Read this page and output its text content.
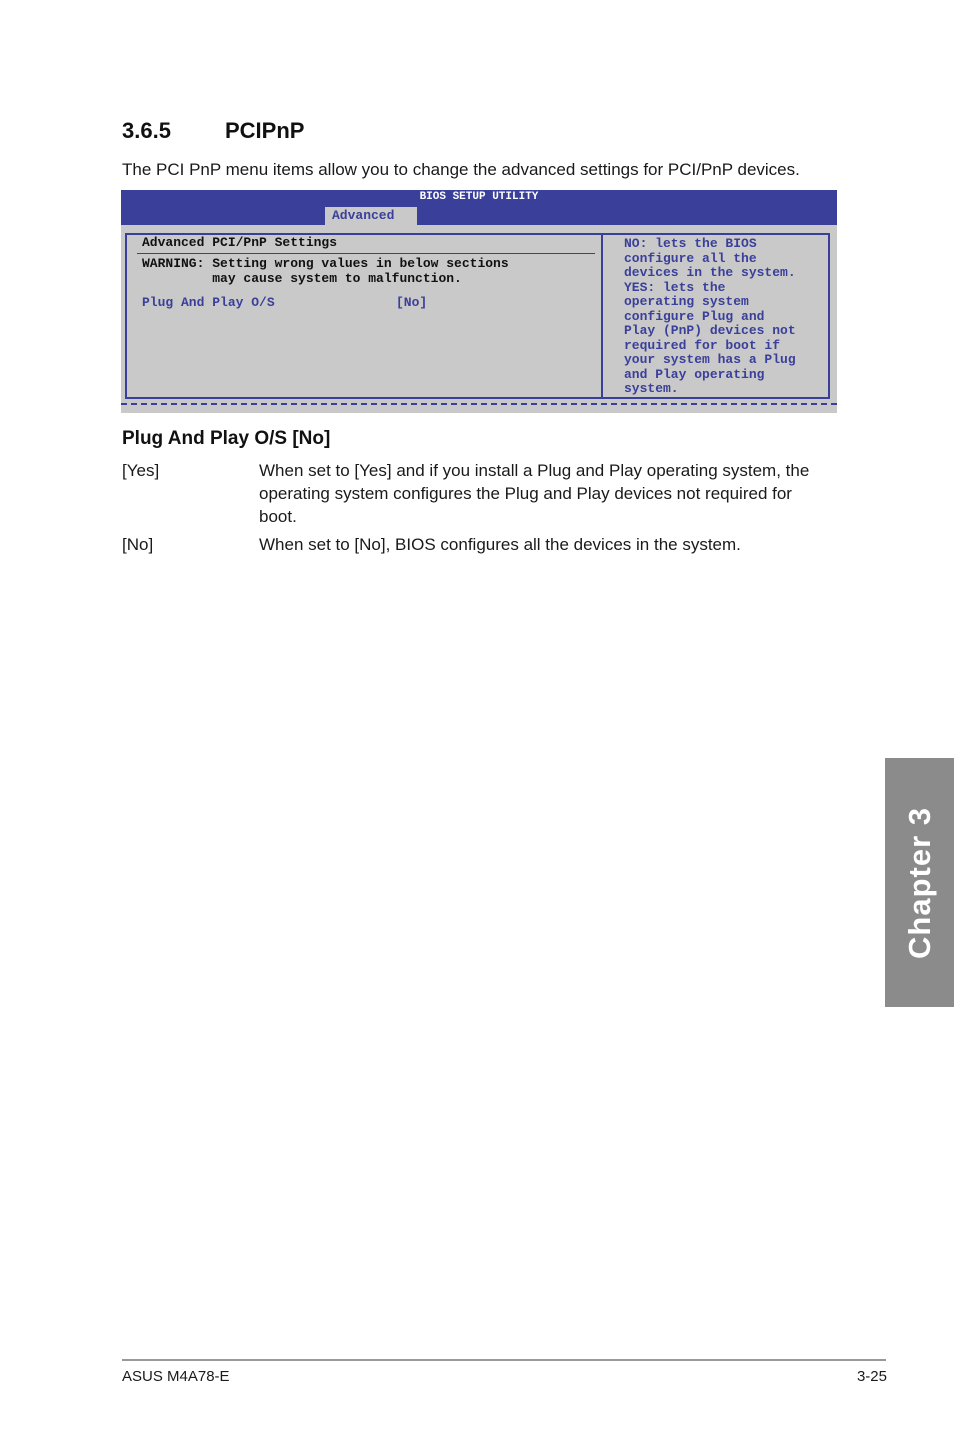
3.6.5 PCIPnP
The PCI PnP menu items allow you to change the advanced settings for PCI/PnP devices.
BIOS SETUP UTILITY
Advanced
Advanced PCI/PnP Settings
WARNING: Setting wrong values in below sections
may cause system to malfunction.
Plug And Play O/S	[No]
NO: lets the BIOS
configure all the
devices in the system.
YES: lets the
operating system
configure Plug and
Play (PnP) devices not
required for boot if
your system has a Plug
and Play operating
system.
Plug And Play O/S [No]
[Yes]	When set to [Yes] and if you install a Plug and Play operating system, the operating system configures the Plug and Play devices not required for boot.
[No]	When set to [No], BIOS configures all the devices in the system.
Chapter 3
ASUS M4A78-E	3-25
